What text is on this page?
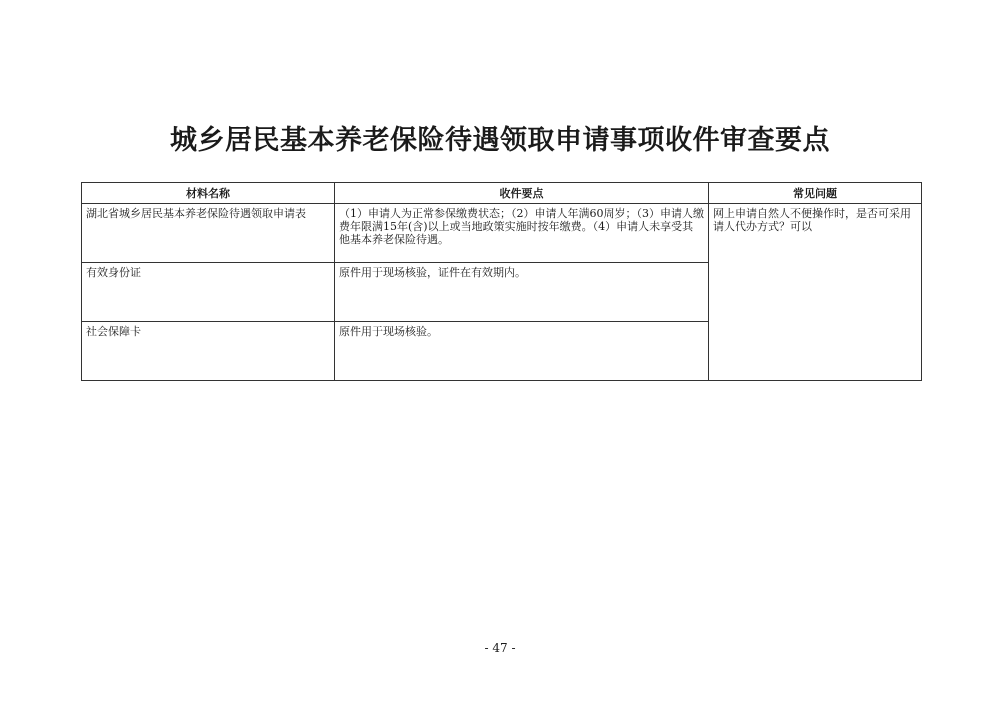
城乡居民基本养老保险待遇领取申请事项收件审查要点
材料名称	收件要点	常见问题
湖北省城乡居民基本养老保险待遇领取申请表	（1）申请人为正常参保缴费状态；（2）申请人年满60周岁；（3）申请人缴费年限满15年(含)以上或当地政策实施时按年缴费。（4）申请人未享受其他基本养老保险待遇。	网上申请自然人不便操作时，是否可采用请人代办方式？可以
有效身份证	原件用于现场核验，证件在有效期内。	
社会保障卡	原件用于现场核验。	
- 47 -
